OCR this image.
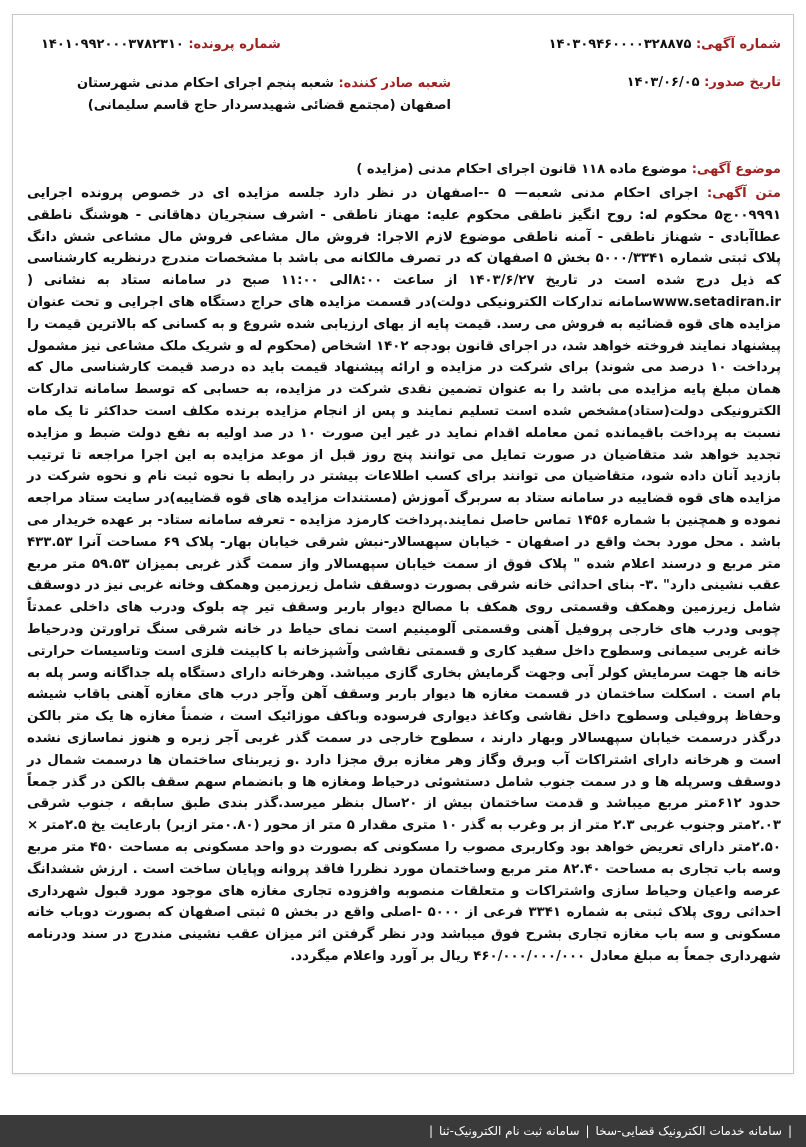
شماره آگهی: ۱۴۰۳۰۹۴۶۰۰۰۰۳۲۸۸۷۵
شماره پرونده: ۱۴۰۱۰۹۹۲۰۰۰۳۷۸۲۳۱۰
تاریخ صدور: ۱۴۰۳/۰۶/۰۵
شعبه صادر کننده: شعبه پنجم اجرای احکام مدنی شهرستان اصفهان (مجتمع قضائی شهیدسردار حاج قاسم سلیمانی)
موضوع آگهی: موضوع ماده ۱۱۸ قانون اجرای احکام مدنی (مزایده )
متن آگهی: اجرای احکام مدنی شعبه— ۵ --اصفهان در نظر دارد جلسه مزایده ای در خصوص پرونده اجرایی ۰۰۹۹۹۱ج۵ محکوم له: روح انگیز ناطقی محکوم علیه: مهناز ناطقی - اشرف سنجریان دهاقانی - هوشنگ ناطقی عطاآبادی - شهناز ناطقی - آمنه ناطقی موضوع لازم الاجرا: فروش مال مشاعی فروش مال مشاعی شش دانگ پلاک ثبتی شماره ۵۰۰۰/۳۳۴۱ بخش ۵ اصفهان که در تصرف مالکانه می باشد با مشخصات مندرج درنظریه کارشناسی که ذیل درج شده است در تاریخ ۱۴۰۳/۶/۲۷ از ساعت ۸:۰۰الی ۱۱:۰۰ صبح در سامانه ستاد به نشانی ( www.setadiran.irسامانه تدارکات الکترونیکی دولت)در قسمت مزایده های حراج دستگاه های اجرایی و تحت عنوان مزایده های قوه قضائیه به فروش می رسد. قیمت پایه از بهای ارزیابی شده شروع و به کسانی که بالاترین قیمت را پیشنهاد نمایند فروخته خواهد شد، در اجرای قانون بودجه ۱۴۰۲ اشخاص (محکوم له و شریک ملک مشاعی نیز مشمول پرداخت ۱۰ درصد می شوند) برای شرکت در مزایده و ارائه پیشنهاد قیمت باید ده درصد قیمت کارشناسی مال که همان مبلغ پایه مزایده می باشد را به عنوان تضمین نقدی شرکت در مزایده، به حسابی که توسط سامانه تدارکات الکترونیکی دولت(ستاد)مشخص شده است تسلیم نمایند و پس از انجام مزایده برنده مکلف است حداکثر تا یک ماه نسبت به پرداخت باقیمانده ثمن معامله اقدام نماید در غیر این صورت ۱۰ در صد اولیه به نفع دولت ضبط و مزایده تجدید خواهد شد متقاضیان در صورت تمایل می توانند پنج روز قبل از موعد مزایده به این اجرا مراجعه تا ترتیب بازدید آنان داده شود، متقاضیان می توانند برای کسب اطلاعات بیشتر در رابطه با نحوه ثبت نام و نحوه شرکت در مزایده های قوه قضاییه در سامانه ستاد به سربرگ آموزش (مستندات مزایده های قوه قضاییه)در سایت ستاد مراجعه نموده و همچنین با شماره ۱۴۵۶ تماس حاصل نمایند.پرداخت کارمزد مزایده - تعرفه سامانه ستاد- بر عهده خریدار می باشد . محل مورد بحث واقع در اصفهان - خیابان سپهسالار-نبش شرقی خیابان بهار- پلاک ۶۹ مساحت آنرا ۴۳۳.۵۳ متر مربع و درسند اعلام شده " پلاک فوق از سمت خیابان سپهسالار واز سمت گذر غربی بمیزان ۵۹.۵۳ متر مربع عقب نشینی دارد" .۳- بنای احداثی خانه شرقی بصورت دوسقف شامل زیرزمین وهمکف وخانه غربی نیز در دوسقف شامل زیرزمین وهمکف وقسمتی روی همکف با مصالح دیوار باربر وسقف تیر چه بلوک ودرب های داخلی عمدتاً چوبی ودرب های خارجی پروفیل آهنی وقسمتی آلومینیم است نمای حیاط در خانه شرقی سنگ تراورتن ودرحیاط خانه غربی سیمانی وسطوح داخل سفید کاری و قسمتی نقاشی وآشپزخانه با کابینت فلزی است وتاسیسات حرارتی خانه ها جهت سرمایش کولر آبی وجهت گرمایش بخاری گازی میباشد. وهرخانه دارای دستگاه پله جداگانه وسر پله به بام است . اسکلت ساختمان در قسمت مغازه ها دیوار باربر وسقف آهن وآجر درب های مغازه آهنی باقاب شیشه وحفاظ پروفیلی وسطوح داخل نقاشی وکاغذ دیواری فرسوده وباکف موزائیک است ، ضمناً مغازه ها یک متر بالکن درگذر درسمت خیابان سپهسالار وبهار دارند ، سطوح خارجی در سمت گذر غربی آجر زبره و هنوز نماسازی نشده است و هرخانه دارای اشتراکات آب وبرق وگاز وهر مغازه برق مجزا دارد .و زیربنای ساختمان ها درسمت شمال در دوسقف وسرپله ها و در سمت جنوب شامل دستشوئی درحیاط ومغازه ها و بانضمام سهم سقف بالکن در گذر جمعاً حدود ۶۱۲متر مربع میباشد و قدمت ساختمان بیش از ۲۰سال بنظر میرسد.گذر بندی طبق سابقه ، جنوب شرقی ۲.۰۳متر وجنوب غربی ۲.۳ متر از بر وغرب به گذر ۱۰ متری مقدار ۵ متر از محور (۰.۸۰متر ازبر) بارعایت یخ ۲.۵متر × ۲.۵۰متر دارای تعریض خواهد بود وکاربری مصوب را مسکونی که بصورت دو واحد مسکونی به مساحت ۴۵۰ متر مربع وسه باب تجاری به مساحت ۸۲.۴۰ متر مربع وساختمان مورد نظررا فاقد پروانه وپایان ساخت است . ارزش ششدانگ عرصه واعیان وحیاط سازی واشتراکات و متعلقات منصوبه وافزوده تجاری مغازه های موجود مورد قبول شهرداری احداثی روی پلاک ثبتی به شماره ۳۳۴۱ فرعی از ۵۰۰۰ -اصلی واقع در بخش ۵ ثبتی اصفهان که بصورت دوباب خانه مسکونی و سه باب مغازه تجاری بشرح فوق میباشد ودر نظر گرفتن اثر میزان عقب نشینی مندرج در سند ودرنامه شهرداری جمعاً به مبلغ معادل ۴۶۰/۰۰۰/۰۰۰/۰۰۰ ریال بر آورد واعلام میگردد.
|
سامانه خدمات الکترونیک قضایی-سخا
|
سامانه ثبت نام الکترونیک-ثنا
|
